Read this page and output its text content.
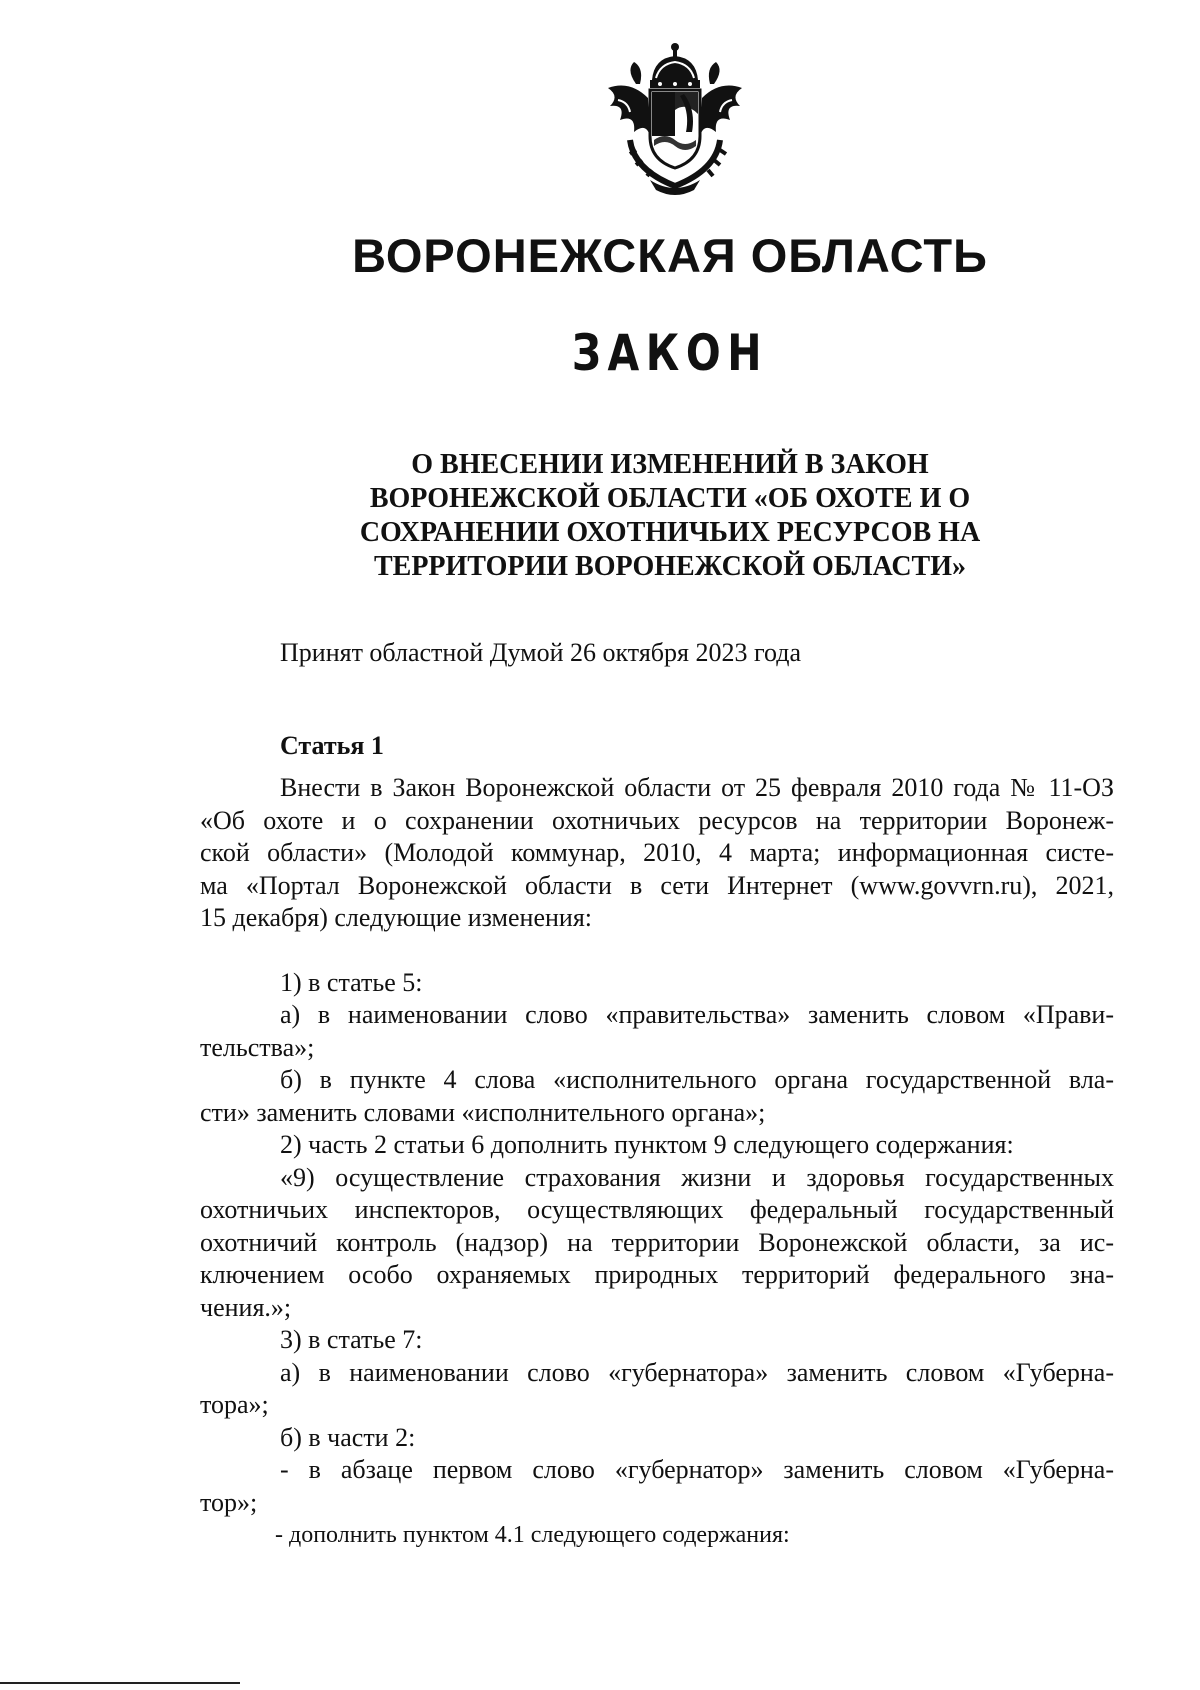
ВОРОНЕЖСКАЯ ОБЛАСТЬ
ЗАКОН
О ВНЕСЕНИИ ИЗМЕНЕНИЙ В ЗАКОН
ВОРОНЕЖСКОЙ ОБЛАСТИ «ОБ ОХОТЕ И О
СОХРАНЕНИИ ОХОТНИЧЬИХ РЕСУРСОВ НА
ТЕРРИТОРИИ ВОРОНЕЖСКОЙ ОБЛАСТИ»
Принят областной Думой 26 октября 2023 года
Статья 1
Внести в Закон Воронежской области от 25 февраля 2010 года № 11-ОЗ
«Об охоте и о сохранении охотничьих ресурсов на территории Воронеж-
ской области» (Молодой коммунар, 2010, 4 марта; информационная систе-
ма «Портал Воронежской области в сети Интернет (www.govvrn.ru), 2021,
15 декабря) следующие изменения:
1) в статье 5:
а) в наименовании слово «правительства» заменить словом «Прави-
тельства»;
б) в пункте 4 слова «исполнительного органа государственной вла-
сти» заменить словами «исполнительного органа»;
2) часть 2 статьи 6 дополнить пунктом 9 следующего содержания:
«9) осуществление страхования жизни и здоровья государственных
охотничьих инспекторов, осуществляющих федеральный государственный
охотничий контроль (надзор) на территории Воронежской области, за ис-
ключением особо охраняемых природных территорий федерального зна-
чения.»;
3) в статье 7:
а) в наименовании слово «губернатора» заменить словом «Губерна-
тора»;
б) в части 2:
- в абзаце первом слово «губернатор» заменить словом «Губерна-
тор»;
- дополнить пунктом 4.1 следующего содержания:
